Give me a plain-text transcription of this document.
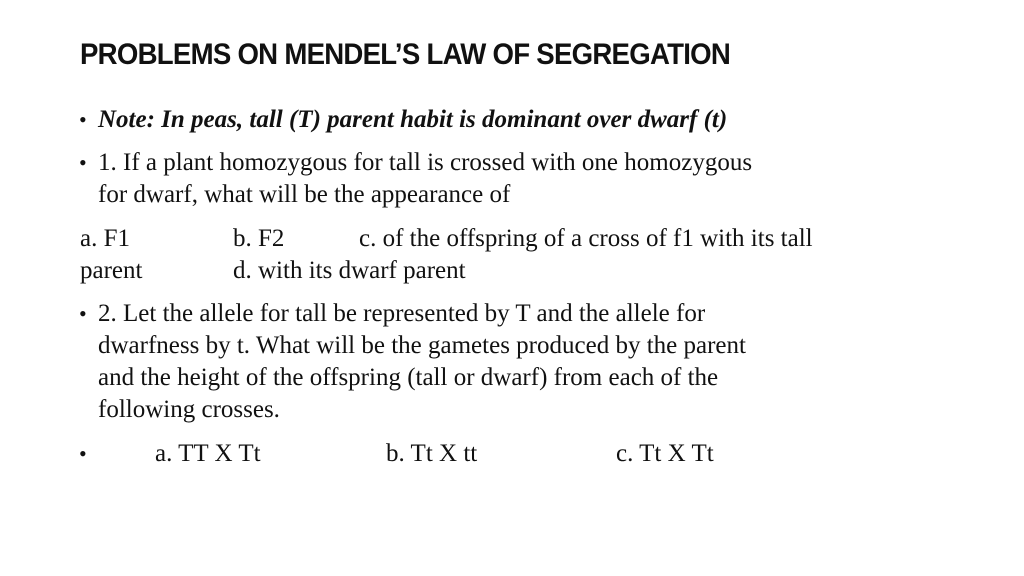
PROBLEMS ON MENDEL’S LAW OF SEGREGATION
• Note: In peas, tall (T) parent habit is dominant over dwarf (t)
• 1. If a plant homozygous for tall is crossed with one homozygous
for dwarf, what will be the appearance of
a. F1	b. F2	c. of the offspring of a cross of f1 with its tall
parent	d. with its dwarf parent
• 2. Let the allele for tall be represented by T and the allele for
dwarfness by t. What will be the gametes produced by the parent
and the height of the offspring (tall or dwarf) from each of the
following crosses.
•	a. TT X Tt	b. Tt X tt	c. Tt X Tt
